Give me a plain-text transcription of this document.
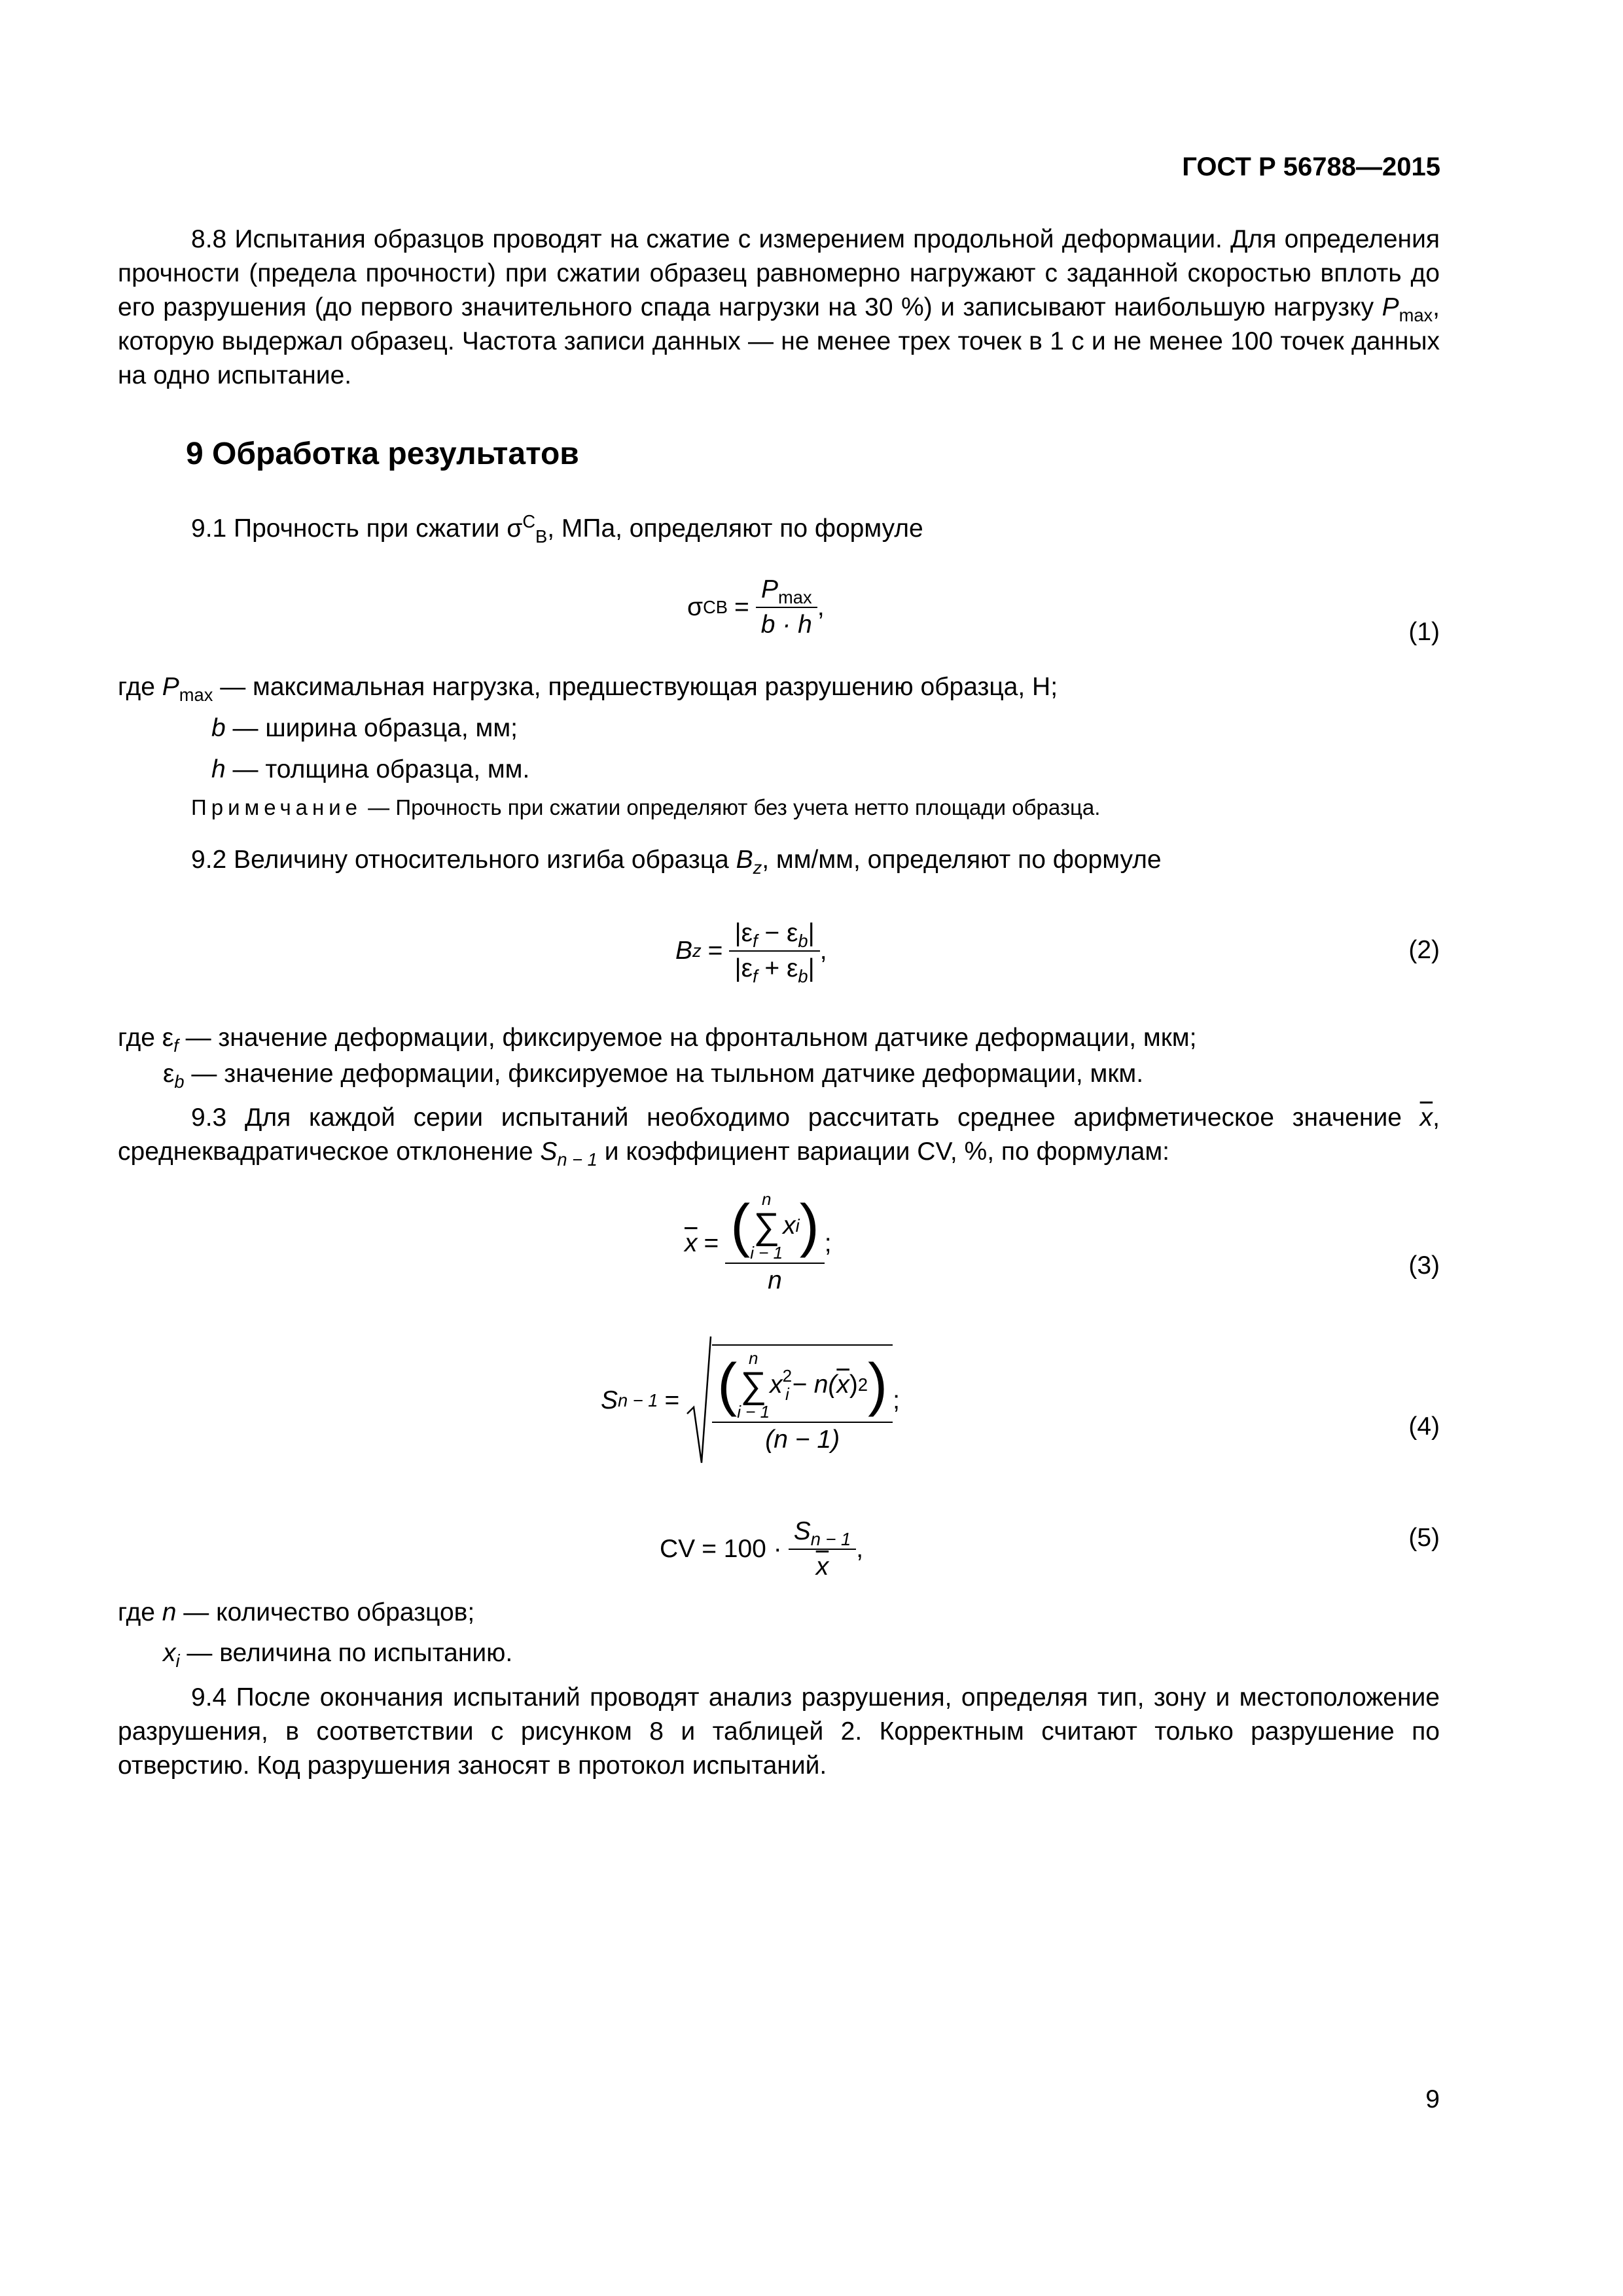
ГОСТ Р 56788—2015
8.8 Испытания образцов проводят на сжатие с измерением продольной деформации. Для определения прочности (предела прочности) при сжатии образец равномерно нагружают с заданной скоростью вплоть до его разрушения (до первого значительного спада нагрузки на 30 %) и записывают наибольшую нагрузку $P_{max}$, которую выдержал образец. Частота записи данных — не менее трех точек в 1 с и не менее 100 точек данных на одно испытание.
9 Обработка результатов
9.1 Прочность при сжатии $\sigma^С_В$, МПа, определяют по формуле
σ С $В = \frac{P_{max}}{b \cdot h}$ ,
(1)
где $P_{max}$ — максимальная нагрузка, предшествующая разрушению образца, Н;
b — ширина образца, мм;
h — толщина образца, мм.
Примечание — Прочность при сжатии определяют без учета нетто площади образца.
9.2 Величину относительного изгиба образца $B_z$, мм/мм, определяют по формуле
B $z = \frac{|\varepsilon_f - \varepsilon_b|}{|\varepsilon_f + \varepsilon_b|}$ ,	(2)
где $\varepsilon_f$ — значение деформации, фиксируемое на фронтальном датчике деформации, мкм;
$\varepsilon_b$ — значение деформации, фиксируемое на тыльном датчике деформации, мкм.
9.3 Для каждой серии испытаний необходимо рассчитать среднее арифметическое значение $\overline{x}$, среднеквадратическое отклонение $S_{n - 1}$ и коэффициент вариации CV, %, по формулам:
$\overline{x}$ = ( n
∑
i − 1
x i )
n
;
(3)
S n − 1 = ( n
∑
i − 1
x 2
i − n( $\overline{x}$ ) 2 )
(n − 1)
;
(4)
CV = $100 \cdot \frac{S_{n - 1}}{x}$ ,	(5)
где n — количество образцов;
$x_i$ — величина по испытанию.
9.4 После окончания испытаний проводят анализ разрушения, определяя тип, зону и местоположение разрушения, в соответствии с рисунком 8 и таблицей 2. Корректным считают только разрушение по отверстию. Код разрушения заносят в протокол испытаний.
9
